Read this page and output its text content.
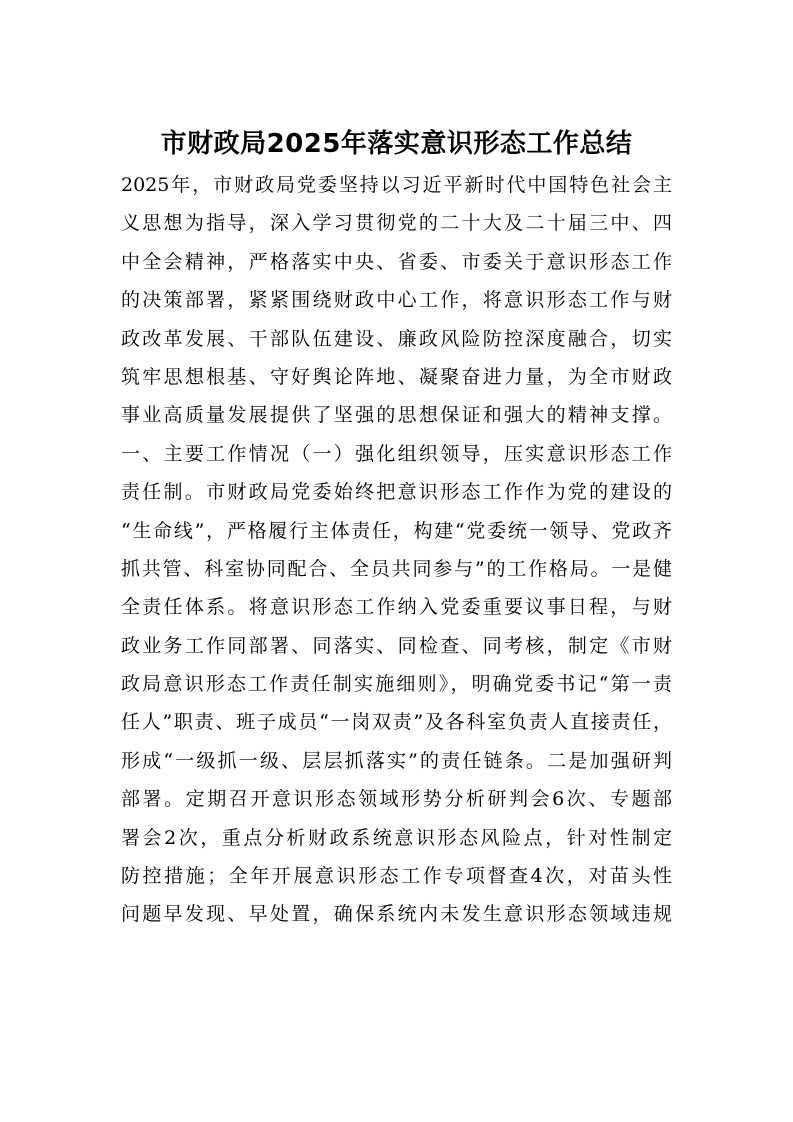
市财政局2025年落实意识形态工作总结
2025年，市财政局党委坚持以习近平新时代中国特色社会主
义思想为指导，深入学习贯彻党的二十大及二十届三中、四
中全会精神，严格落实中央、省委、市委关于意识形态工作
的决策部署，紧紧围绕财政中心工作，将意识形态工作与财
政改革发展、干部队伍建设、廉政风险防控深度融合，切实
筑牢思想根基、守好舆论阵地、凝聚奋进力量，为全市财政
事业高质量发展提供了坚强的思想保证和强大的精神支撑。
一、主要工作情况（一）强化组织领导，压实意识形态工作
责任制。市财政局党委始终把意识形态工作作为党的建设的
“生命线”，严格履行主体责任，构建“党委统一领导、党政齐
抓共管、科室协同配合、全员共同参与”的工作格局。一是健
全责任体系。将意识形态工作纳入党委重要议事日程，与财
政业务工作同部署、同落实、同检查、同考核，制定《市财
政局意识形态工作责任制实施细则》，明确党委书记“第一责
任人”职责、班子成员“一岗双责”及各科室负责人直接责任，
形成“一级抓一级、层层抓落实”的责任链条。二是加强研判
部署。定期召开意识形态领域形势分析研判会6次、专题部
署会2次，重点分析财政系统意识形态风险点，针对性制定
防控措施；全年开展意识形态工作专项督查4次，对苗头性
问题早发现、早处置，确保系统内未发生意识形态领域违规
